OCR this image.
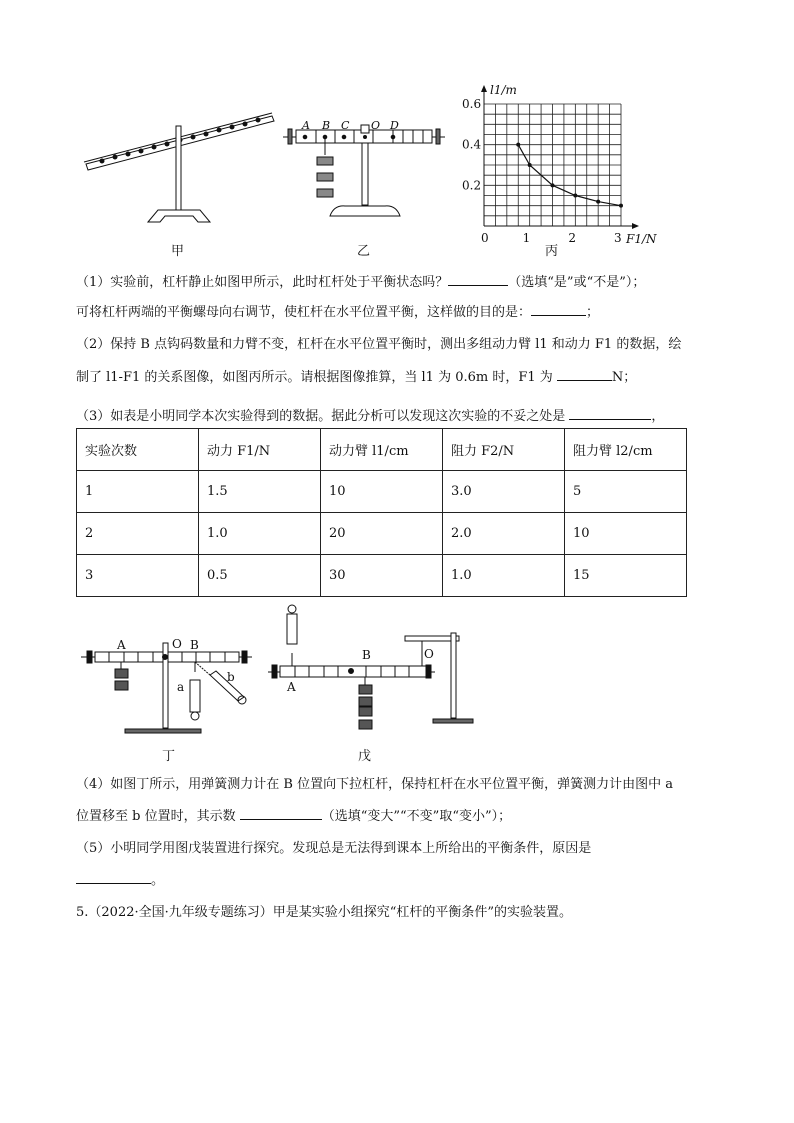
0	1	2	3
0.2
0.4
0.6
l1/m
F1/N
甲	乙	丙
丁	戊
A B C O D
A	O B
a
b
A
B	O
（1）实验前，杠杆静止如图甲所示，此时杠杆处于平衡状态吗？	（选填“是”或“不是”）；
可将杠杆两端的平衡螺母向右调节，使杠杆在水平位置平衡，这样做的目的是：	；
（2）保持 B 点钩码数量和力臂不变，杠杆在水平位置平衡时，测出多组动力臂 l1 和动力 F1 的数据，绘
制了 l1-F1 的关系图像，如图丙所示。请根据图像推算，当 l1 为 0.6m 时，F1 为	N；
（3）如表是小明同学本次实验得到的数据。据此分析可以发现这次实验的不妥之处是	，
实验次数	动力 F1/N	动力臂 l1/cm	阻力 F2/N	阻力臂 l2/cm
1	1.5	10	3.0	5
2	1.0	20	2.0	10
3	0.5	30	1.0	15
（4）如图丁所示，用弹簧测力计在 B 位置向下拉杠杆，保持杠杆在水平位置平衡，弹簧测力计由图中 a
位置移至 b 位置时，其示数	（选填“变大”“不变”取“变小”）；
（5）小明同学用图戊装置进行探究。发现总是无法得到课本上所给出的平衡条件，原因是
。
5.（2022·全国·九年级专题练习）甲是某实验小组探究“杠杆的平衡条件”的实验装置。
